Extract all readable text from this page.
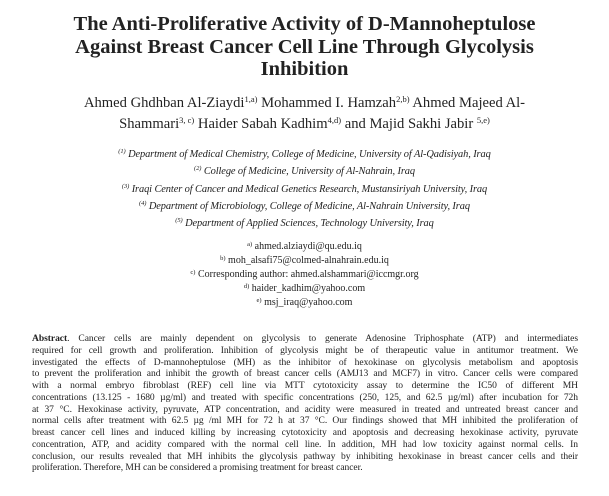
The Anti-Proliferative Activity of D-Mannoheptulose
Against Breast Cancer Cell Line Through Glycolysis
Inhibition
Ahmed Ghdhban Al-Ziaydi$^{1,a)}$ Mohammed I. Hamzah$^{2,b)}$ Ahmed Majeed Al-
Shammari$^{3, c)}$ Haider Sabah Kadhim$^{4,d)}$ and Majid Sakhi Jabir $^{5,e)}$
$^{(1)}$ Department of Medical Chemistry, College of Medicine, University of Al-Qadisiyah, Iraq
$^{(2)}$ College of Medicine, University of Al-Nahrain, Iraq
$^{(3)}$ Iraqi Center of Cancer and Medical Genetics Research, Mustansiriyah University, Iraq
$^{(4)}$ Department of Microbiology, College of Medicine, Al-Nahrain University, Iraq
$^{(5)}$ Department of Applied Sciences, Technology University, Iraq
$^{a)}$ ahmed.alziaydi@qu.edu.iq
$^{b)}$ moh_alsafi75@colmed-alnahrain.edu.iq
$^{c)}$ Corresponding author: ahmed.alshammari@iccmgr.org
$^{d)}$ haider_kadhim@yahoo.com
$^{e)}$ msj_iraq@yahoo.com
Abstract. Cancer cells are mainly dependent on glycolysis to generate Adenosine Triphosphate (ATP) and intermediates
required for cell growth and proliferation. Inhibition of glycolysis might be of therapeutic value in antitumor treatment. We
investigated the effects of D-mannoheptulose (MH) as the inhibitor of hexokinase on glycolysis metabolism and apoptosis
to prevent the proliferation and inhibit the growth of breast cancer cells (AMJ13 and MCF7) in vitro. Cancer cells were compared
with a normal embryo fibroblast (REF) cell line via MTT cytotoxicity assay to determine the IC50 of different MH
concentrations (13.125 - 1680 µg/ml) and treated with specific concentrations (250, 125, and 62.5 µg/ml) after incubation for 72h
at 37 °C. Hexokinase activity, pyruvate, ATP concentration, and acidity were measured in treated and untreated breast cancer and
normal cells after treatment with 62.5 µg /ml MH for 72 h at 37 °C. Our findings showed that MH inhibited the proliferation of
breast cancer cell lines and induced killing by increasing cytotoxicity and apoptosis and decreasing hexokinase activity, pyruvate
concentration, ATP, and acidity compared with the normal cell line. In addition, MH had low toxicity against normal cells. In
conclusion, our results revealed that MH inhibits the glycolysis pathway by inhibiting hexokinase in breast cancer cells and their
proliferation. Therefore, MH can be considered a promising treatment for breast cancer.
